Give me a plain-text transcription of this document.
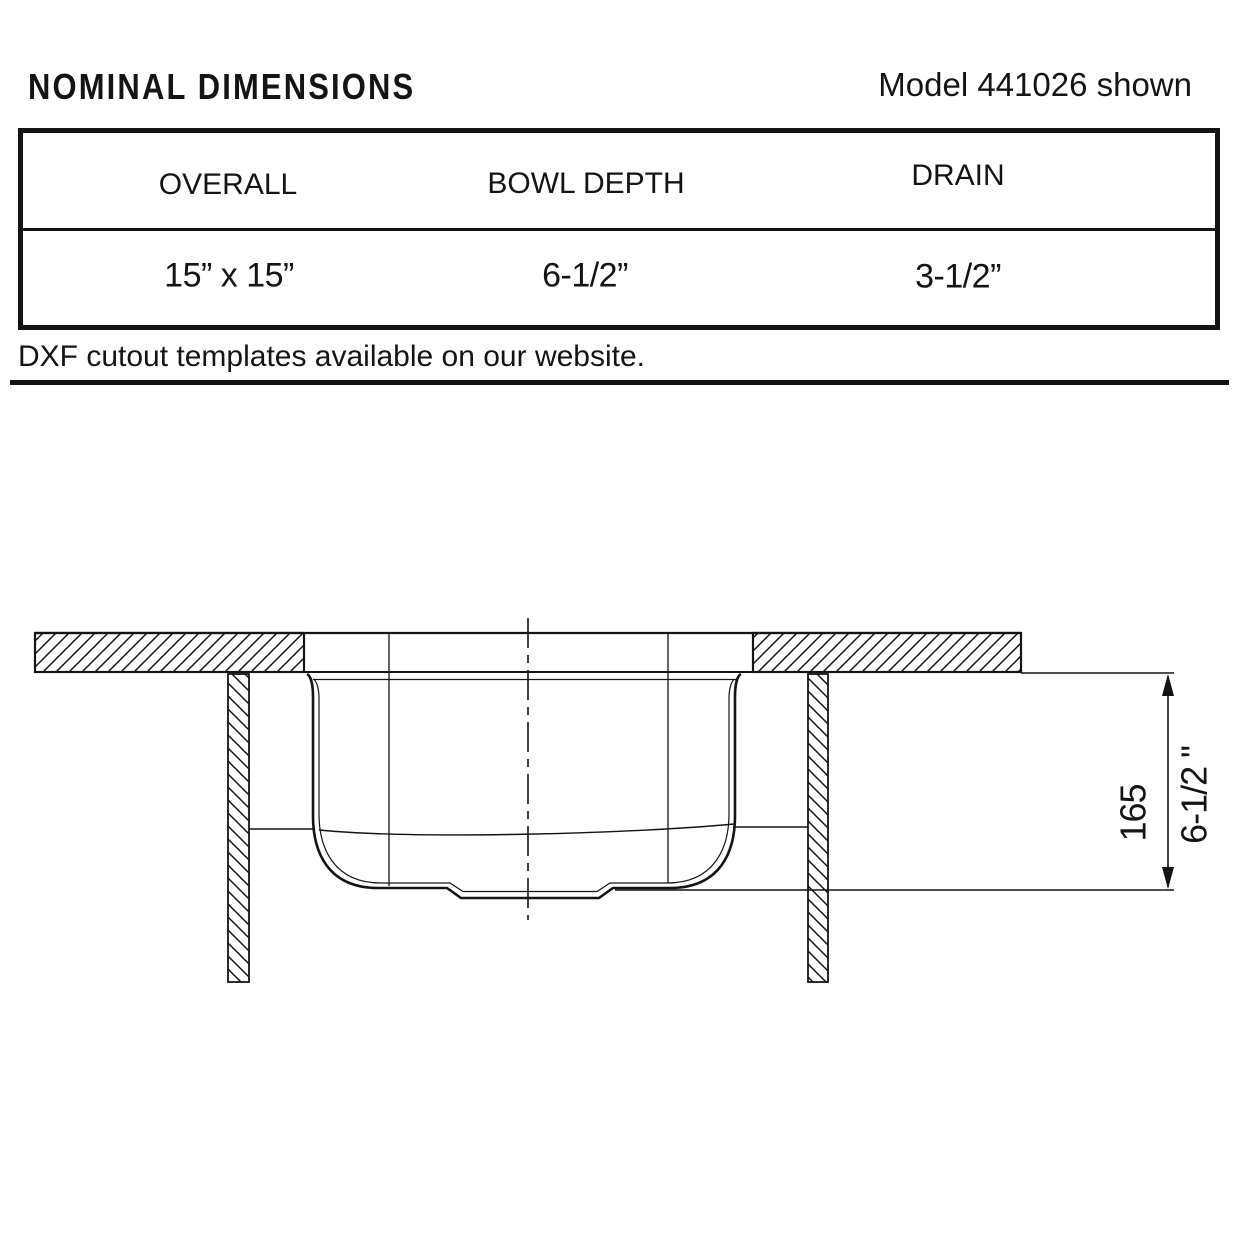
NOMINAL DIMENSIONS	Model 441026 shown
OVERALL	BOWL DEPTH	DRAIN
15” x 15”	6-1/2”	3-1/2”
DXF cutout templates available on our website.
165 6-1/2 "
